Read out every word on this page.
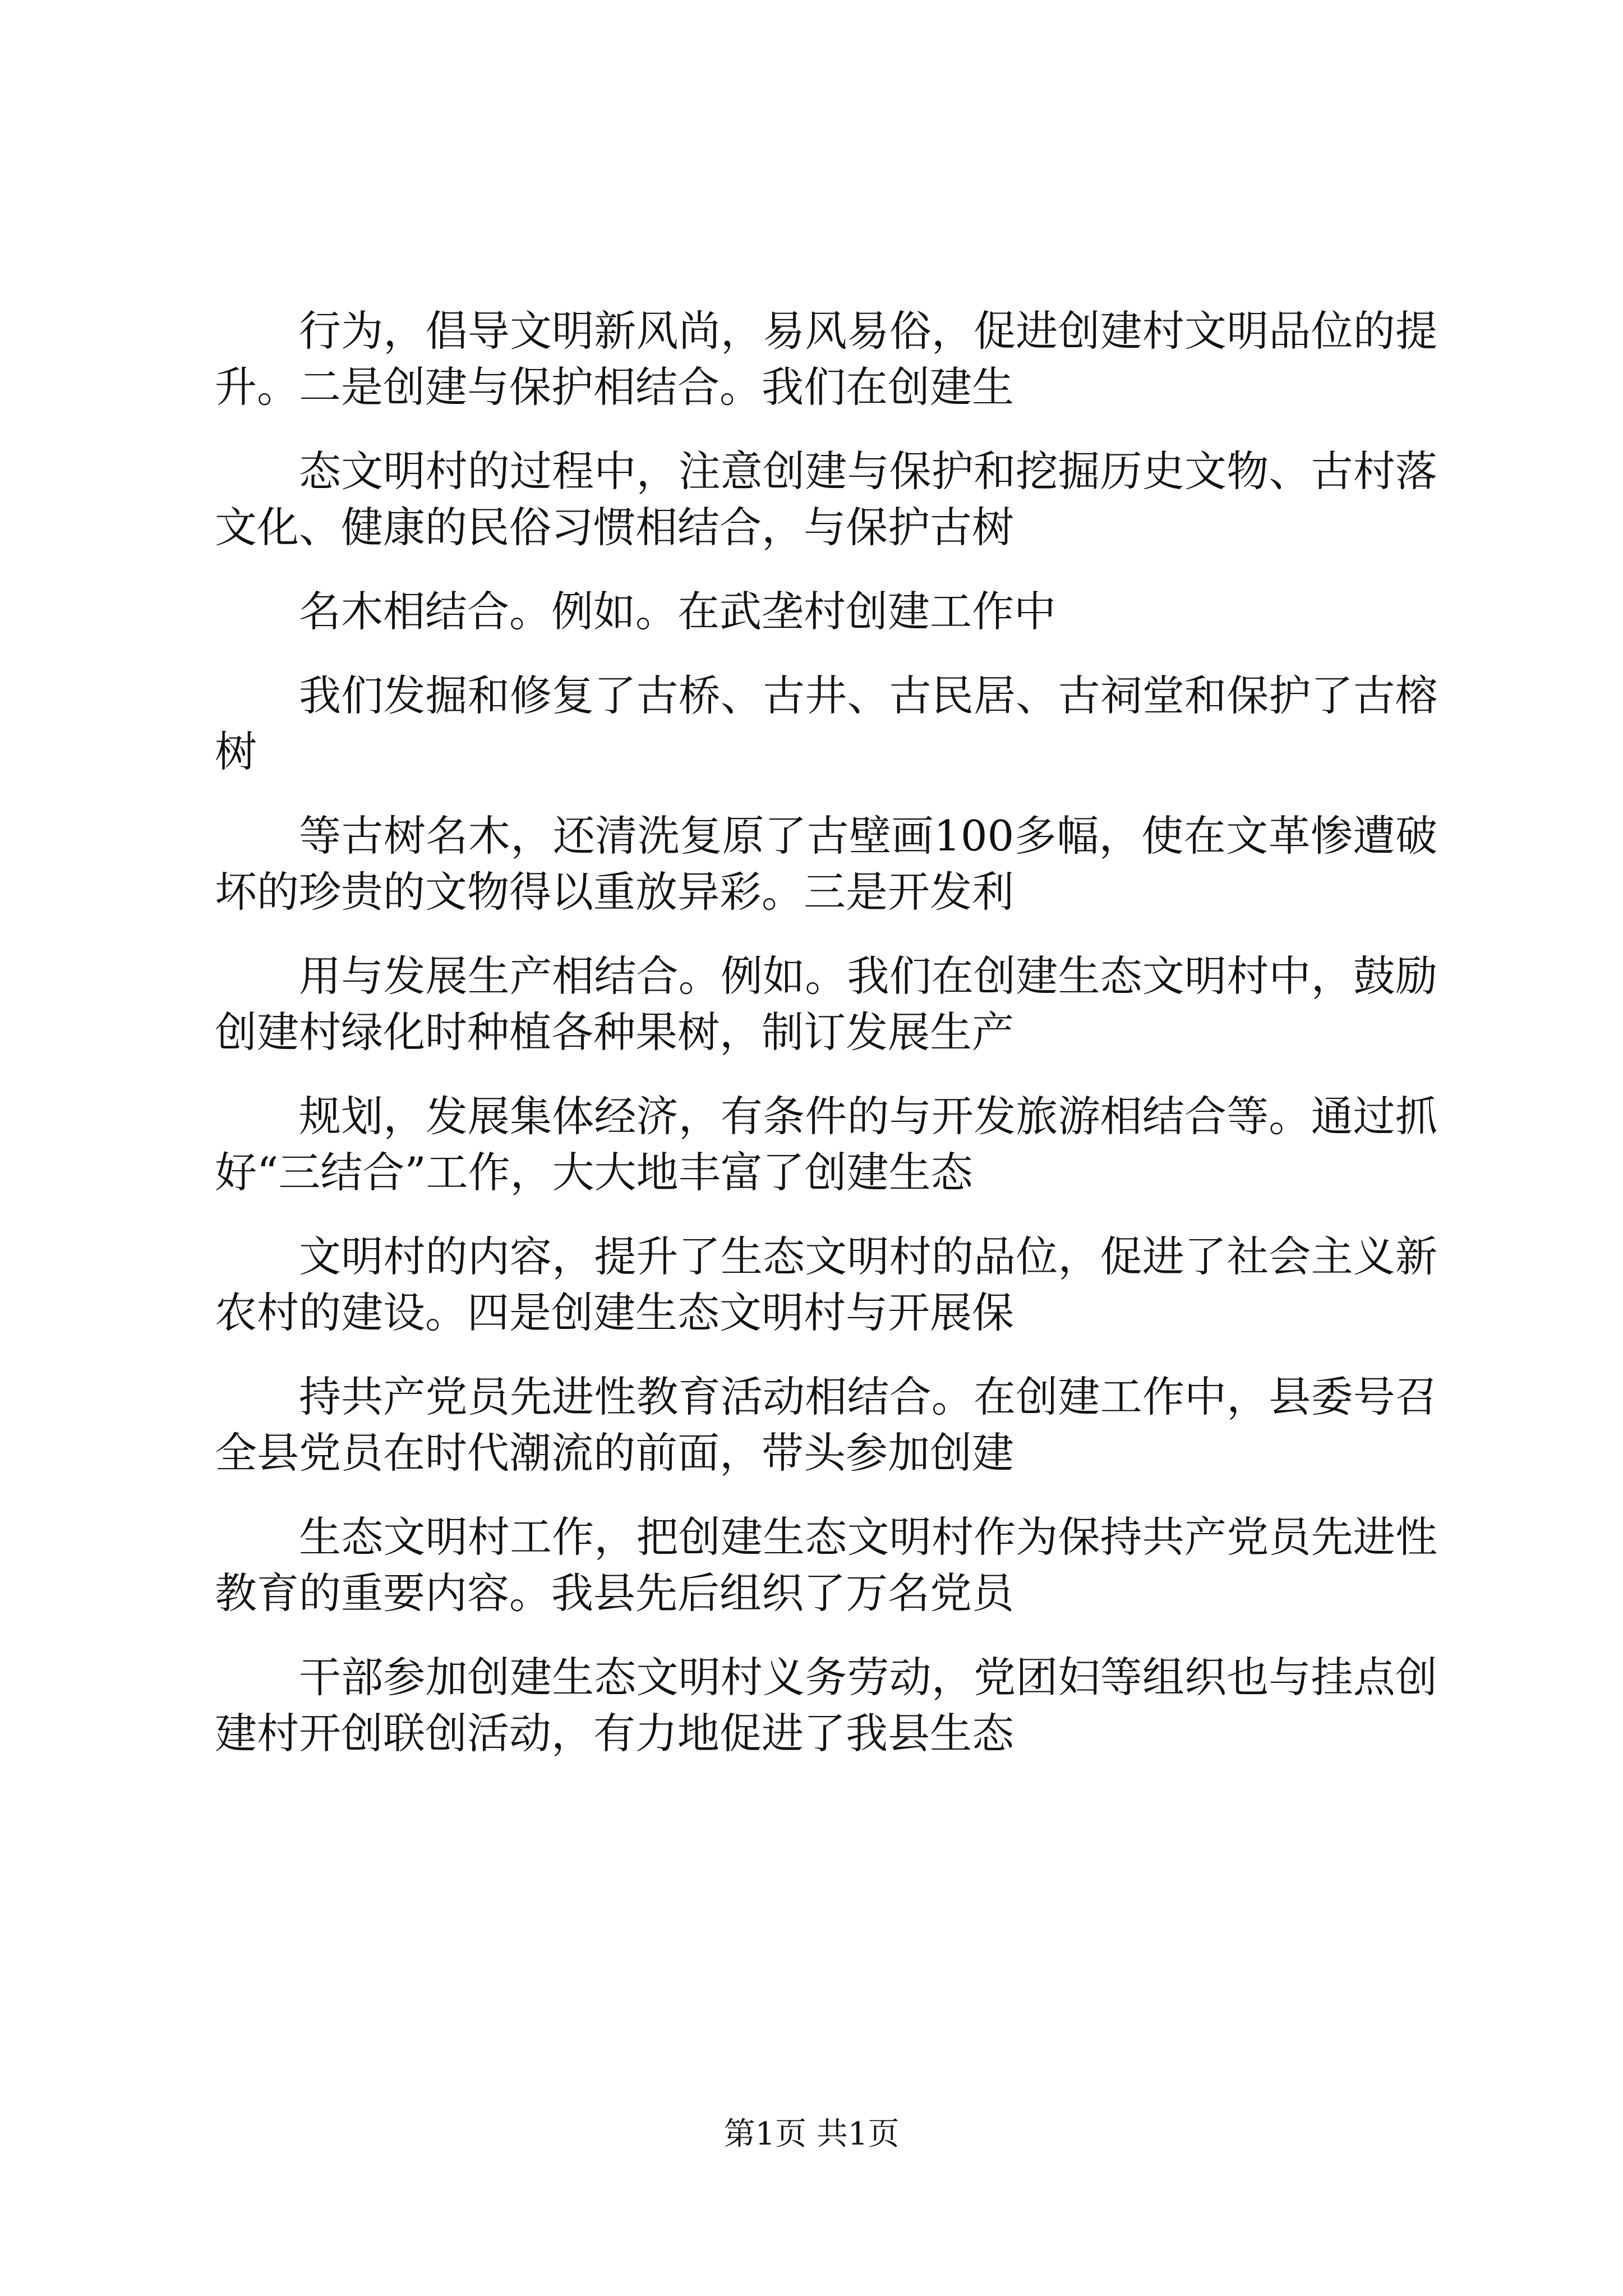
行为，倡导文明新风尚，易风易俗，促进创建村文明品位的提升。二是创建与保护相结合。我们在创建生

态文明村的过程中，注意创建与保护和挖掘历史文物、古村落文化、健康的民俗习惯相结合，与保护古树

名木相结合。例如。在武垄村创建工作中

我们发掘和修复了古桥、古井、古民居、古祠堂和保护了古榕树

等古树名木，还清洗复原了古壁画100多幅，使在文革惨遭破坏的珍贵的文物得以重放异彩。三是开发利

用与发展生产相结合。例如。我们在创建生态文明村中，鼓励创建村绿化时种植各种果树，制订发展生产

规划，发展集体经济，有条件的与开发旅游相结合等。通过抓好“三结合”工作，大大地丰富了创建生态

文明村的内容，提升了生态文明村的品位，促进了社会主义新农村的建设。四是创建生态文明村与开展保

持共产党员先进性教育活动相结合。在创建工作中，县委号召全县党员在时代潮流的前面，带头参加创建

生态文明村工作，把创建生态文明村作为保持共产党员先进性教育的重要内容。我县先后组织了万名党员

干部参加创建生态文明村义务劳动，党团妇等组织也与挂点创建村开创联创活动，有力地促进了我县生态

第1页 共1页
